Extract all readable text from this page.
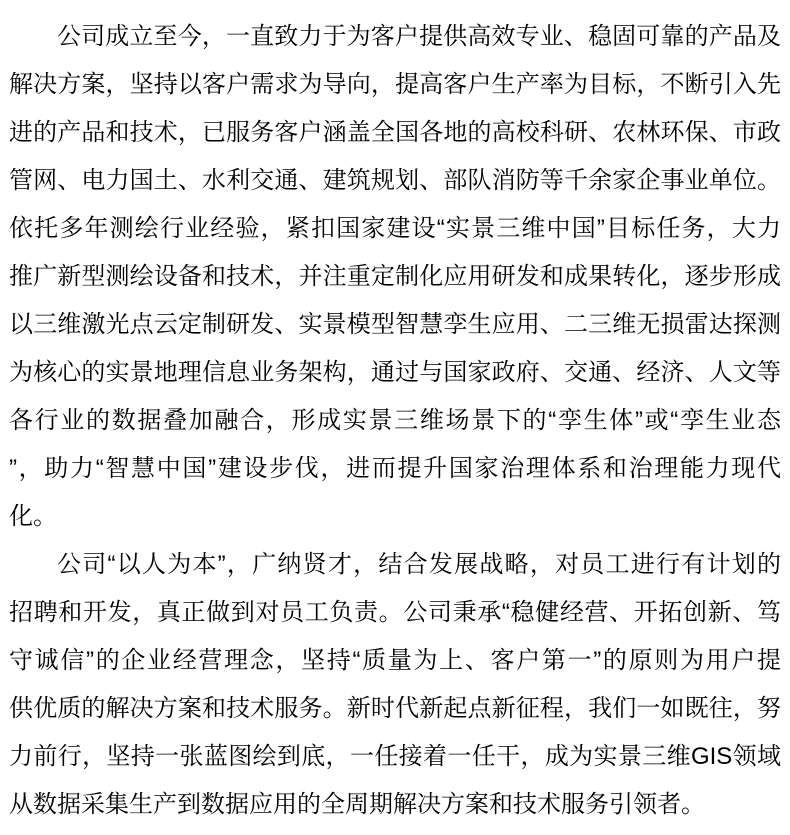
公司成立至今，一直致力于为客户提供高效专业、稳固可靠的产品及
解决方案，坚持以客户需求为导向，提高客户生产率为目标，不断引入先
进的产品和技术，已服务客户涵盖全国各地的高校科研、农林环保、市政
管网、电力国土、水利交通、建筑规划、部队消防等千余家企事业单位。
依托多年测绘行业经验，紧扣国家建设“实景三维中国”目标任务，大力
推广新型测绘设备和技术，并注重定制化应用研发和成果转化，逐步形成
以三维激光点云定制研发、实景模型智慧孪生应用、二三维无损雷达探测
为核心的实景地理信息业务架构，通过与国家政府、交通、经济、人文等
各行业的数据叠加融合，形成实景三维场景下的“孪生体”或“孪生业态
”，助力“智慧中国”建设步伐，进而提升国家治理体系和治理能力现代
化。
公司“以人为本”，广纳贤才，结合发展战略，对员工进行有计划的
招聘和开发，真正做到对员工负责。公司秉承“稳健经营、开拓创新、笃
守诚信”的企业经营理念，坚持“质量为上、客户第一”的原则为用户提
供优质的解决方案和技术服务。新时代新起点新征程，我们一如既往，努
力前行，坚持一张蓝图绘到底，一任接着一任干，成为实景三维GIS领域
从数据采集生产到数据应用的全周期解决方案和技术服务引领者。
